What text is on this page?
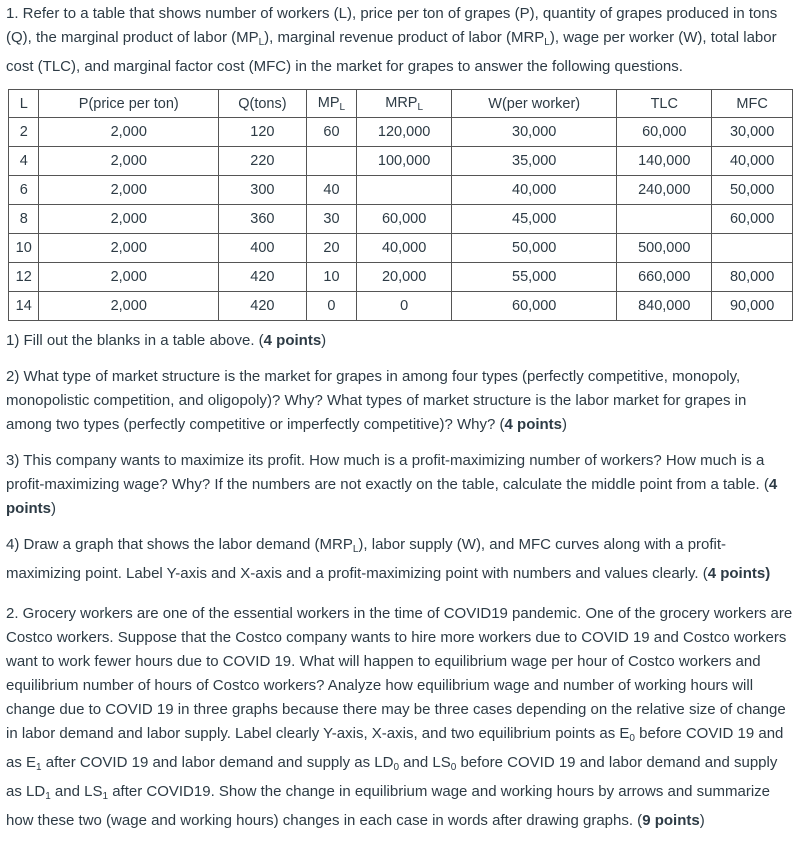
1. Refer to a table that shows number of workers (L), price per ton of grapes (P), quantity of grapes produced in tons (Q), the marginal product of labor $(MP_L)$, marginal revenue product of labor $(MRP_L)$, wage per worker (W), total labor cost (TLC), and marginal factor cost (MFC) in the market for grapes to answer the following questions.

L	P(price per ton)	Q(tons)	$MP_L$	$MRP_L$	W(per worker)	TLC	MFC
2	2,000	120	60	120,000	30,000	60,000	30,000
4	2,000	220		100,000	35,000	140,000	40,000
6	2,000	300	40		40,000	240,000	50,000
8	2,000	360	30	60,000	45,000		60,000
10	2,000	400	20	40,000	50,000	500,000	
12	2,000	420	10	20,000	55,000	660,000	80,000
14	2,000	420	0	0	60,000	840,000	90,000

1) Fill out the blanks in a table above. (4 points)

2) What type of market structure is the market for grapes in among four types (perfectly competitive, monopoly, monopolistic competition, and oligopoly)? Why? What types of market structure is the labor market for grapes in among two types (perfectly competitive or imperfectly competitive)? Why? (4 points)

3) This company wants to maximize its profit. How much is a profit-maximizing number of workers? How much is a profit-maximizing wage? Why? If the numbers are not exactly on the table, calculate the middle point from a table. (4 points)

4) Draw a graph that shows the labor demand $(MRP_L)$, labor supply (W), and MFC curves along with a profit-maximizing point. Label Y-axis and X-axis and a profit-maximizing point with numbers and values clearly. (4 points)

2. Grocery workers are one of the essential workers in the time of COVID19 pandemic. One of the grocery workers are Costco workers. Suppose that the Costco company wants to hire more workers due to COVID 19 and Costco workers want to work fewer hours due to COVID 19. What will happen to equilibrium wage per hour of Costco workers and equilibrium number of hours of Costco workers? Analyze how equilibrium wage and number of working hours will change due to COVID 19 in three graphs because there may be three cases depending on the relative size of change in labor demand and labor supply. Label clearly Y-axis, X-axis, and two equilibrium points as $E_0$ before COVID 19 and as $E_1$ after COVID 19 and labor demand and supply as $LD_0$ and $LS_0$ before COVID 19 and labor demand and supply as $LD_1$ and $LS_1$ after COVID19. Show the change in equilibrium wage and working hours by arrows and summarize how these two (wage and working hours) changes in each case in words after drawing graphs. (9 points)
